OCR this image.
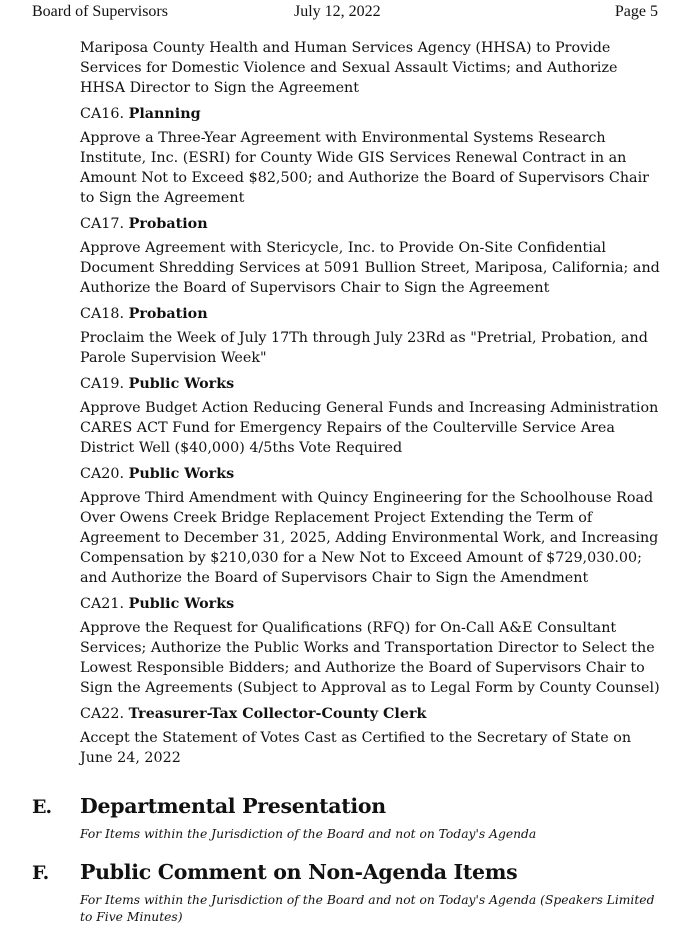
Board of Supervisors	July 12, 2022	Page 5

Mariposa County Health and Human Services Agency (HHSA) to Provide Services for Domestic Violence and Sexual Assault Victims; and Authorize HHSA Director to Sign the Agreement

CA16. Planning

Approve a Three-Year Agreement with Environmental Systems Research Institute, Inc. (ESRI) for County Wide GIS Services Renewal Contract in an Amount Not to Exceed $82,500; and Authorize the Board of Supervisors Chair to Sign the Agreement

CA17. Probation

Approve Agreement with Stericycle, Inc. to Provide On-Site Confidential Document Shredding Services at 5091 Bullion Street, Mariposa, California; and Authorize the Board of Supervisors Chair to Sign the Agreement

CA18. Probation

Proclaim the Week of July 17Th through July 23Rd as "Pretrial, Probation, and Parole Supervision Week"

CA19. Public Works

Approve Budget Action Reducing General Funds and Increasing Administration CARES ACT Fund for Emergency Repairs of the Coulterville Service Area District Well ($40,000) 4/5ths Vote Required

CA20. Public Works

Approve Third Amendment with Quincy Engineering for the Schoolhouse Road Over Owens Creek Bridge Replacement Project Extending the Term of Agreement to December 31, 2025, Adding Environmental Work, and Increasing Compensation by $210,030 for a New Not to Exceed Amount of $729,030.00; and Authorize the Board of Supervisors Chair to Sign the Amendment

CA21. Public Works

Approve the Request for Qualifications (RFQ) for On-Call A&E Consultant Services; Authorize the Public Works and Transportation Director to Select the Lowest Responsible Bidders; and Authorize the Board of Supervisors Chair to Sign the Agreements (Subject to Approval as to Legal Form by County Counsel)

CA22. Treasurer-Tax Collector-County Clerk

Accept the Statement of Votes Cast as Certified to the Secretary of State on June 24, 2022

E. Departmental Presentation
For Items within the Jurisdiction of the Board and not on Today's Agenda
F. Public Comment on Non-Agenda Items
For Items within the Jurisdiction of the Board and not on Today's Agenda (Speakers Limited to Five Minutes)
